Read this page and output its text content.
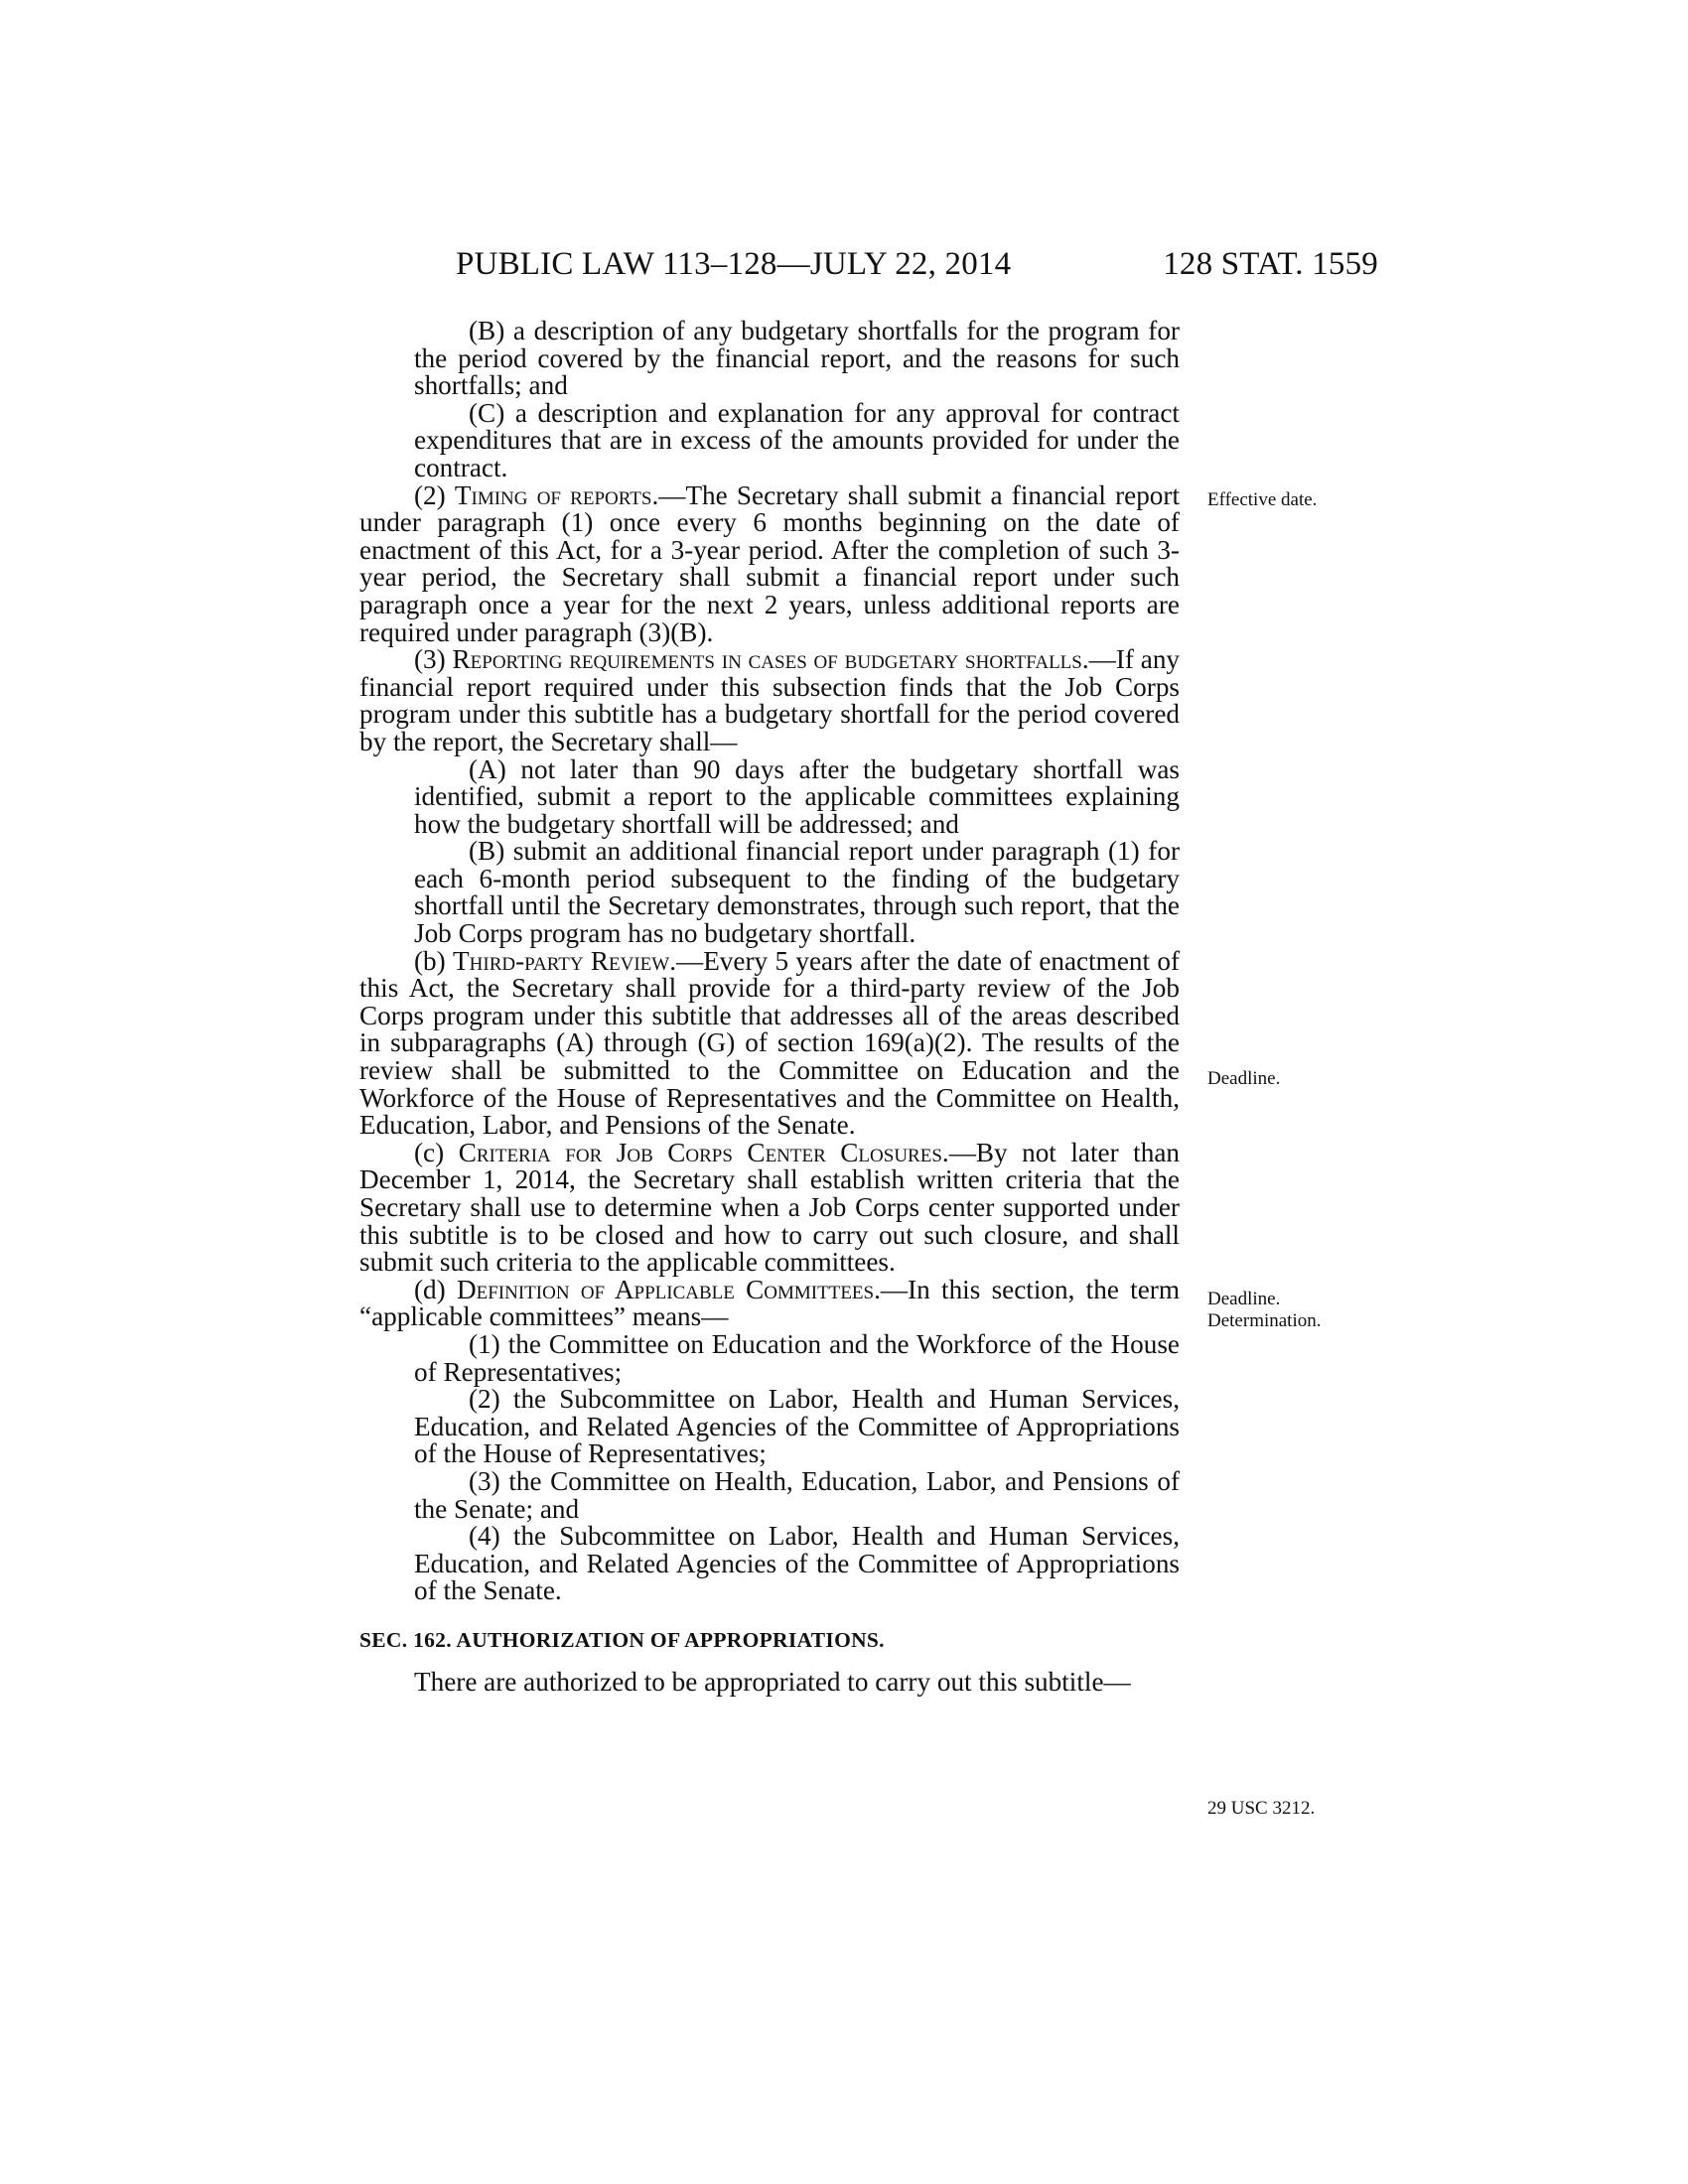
PUBLIC LAW 113–128—JULY 22, 2014	128 STAT. 1559

(B) a description of any budgetary shortfalls for the program for the period covered by the financial report, and the reasons for such shortfalls; and

(C) a description and explanation for any approval for contract expenditures that are in excess of the amounts provided for under the contract.

(2) Timing of reports.—The Secretary shall submit a financial report under paragraph (1) once every 6 months beginning on the date of enactment of this Act, for a 3-year period. After the completion of such 3-year period, the Secretary shall submit a financial report under such paragraph once a year for the next 2 years, unless additional reports are required under paragraph (3)(B).

(3) Reporting requirements in cases of budgetary shortfalls.—If any financial report required under this subsection finds that the Job Corps program under this subtitle has a budgetary shortfall for the period covered by the report, the Secretary shall—

(A) not later than 90 days after the budgetary shortfall was identified, submit a report to the applicable committees explaining how the budgetary shortfall will be addressed; and

(B) submit an additional financial report under paragraph (1) for each 6-month period subsequent to the finding of the budgetary shortfall until the Secretary demonstrates, through such report, that the Job Corps program has no budgetary shortfall.

(b) Third-party Review.—Every 5 years after the date of enactment of this Act, the Secretary shall provide for a third-party review of the Job Corps program under this subtitle that addresses all of the areas described in subparagraphs (A) through (G) of section 169(a)(2). The results of the review shall be submitted to the Committee on Education and the Workforce of the House of Representatives and the Committee on Health, Education, Labor, and Pensions of the Senate.

(c) Criteria for Job Corps Center Closures.—By not later than December 1, 2014, the Secretary shall establish written criteria that the Secretary shall use to determine when a Job Corps center supported under this subtitle is to be closed and how to carry out such closure, and shall submit such criteria to the applicable committees.

(d) Definition of Applicable Committees.—In this section, the term “applicable committees” means—

(1) the Committee on Education and the Workforce of the House of Representatives;

(2) the Subcommittee on Labor, Health and Human Services, Education, and Related Agencies of the Committee of Appropriations of the House of Representatives;

(3) the Committee on Health, Education, Labor, and Pensions of the Senate; and

(4) the Subcommittee on Labor, Health and Human Services, Education, and Related Agencies of the Committee of Appropriations of the Senate.

SEC. 162. AUTHORIZATION OF APPROPRIATIONS.

There are authorized to be appropriated to carry out this subtitle—

Effective date.
Deadline.
Deadline.
Determination.
29 USC 3212.
